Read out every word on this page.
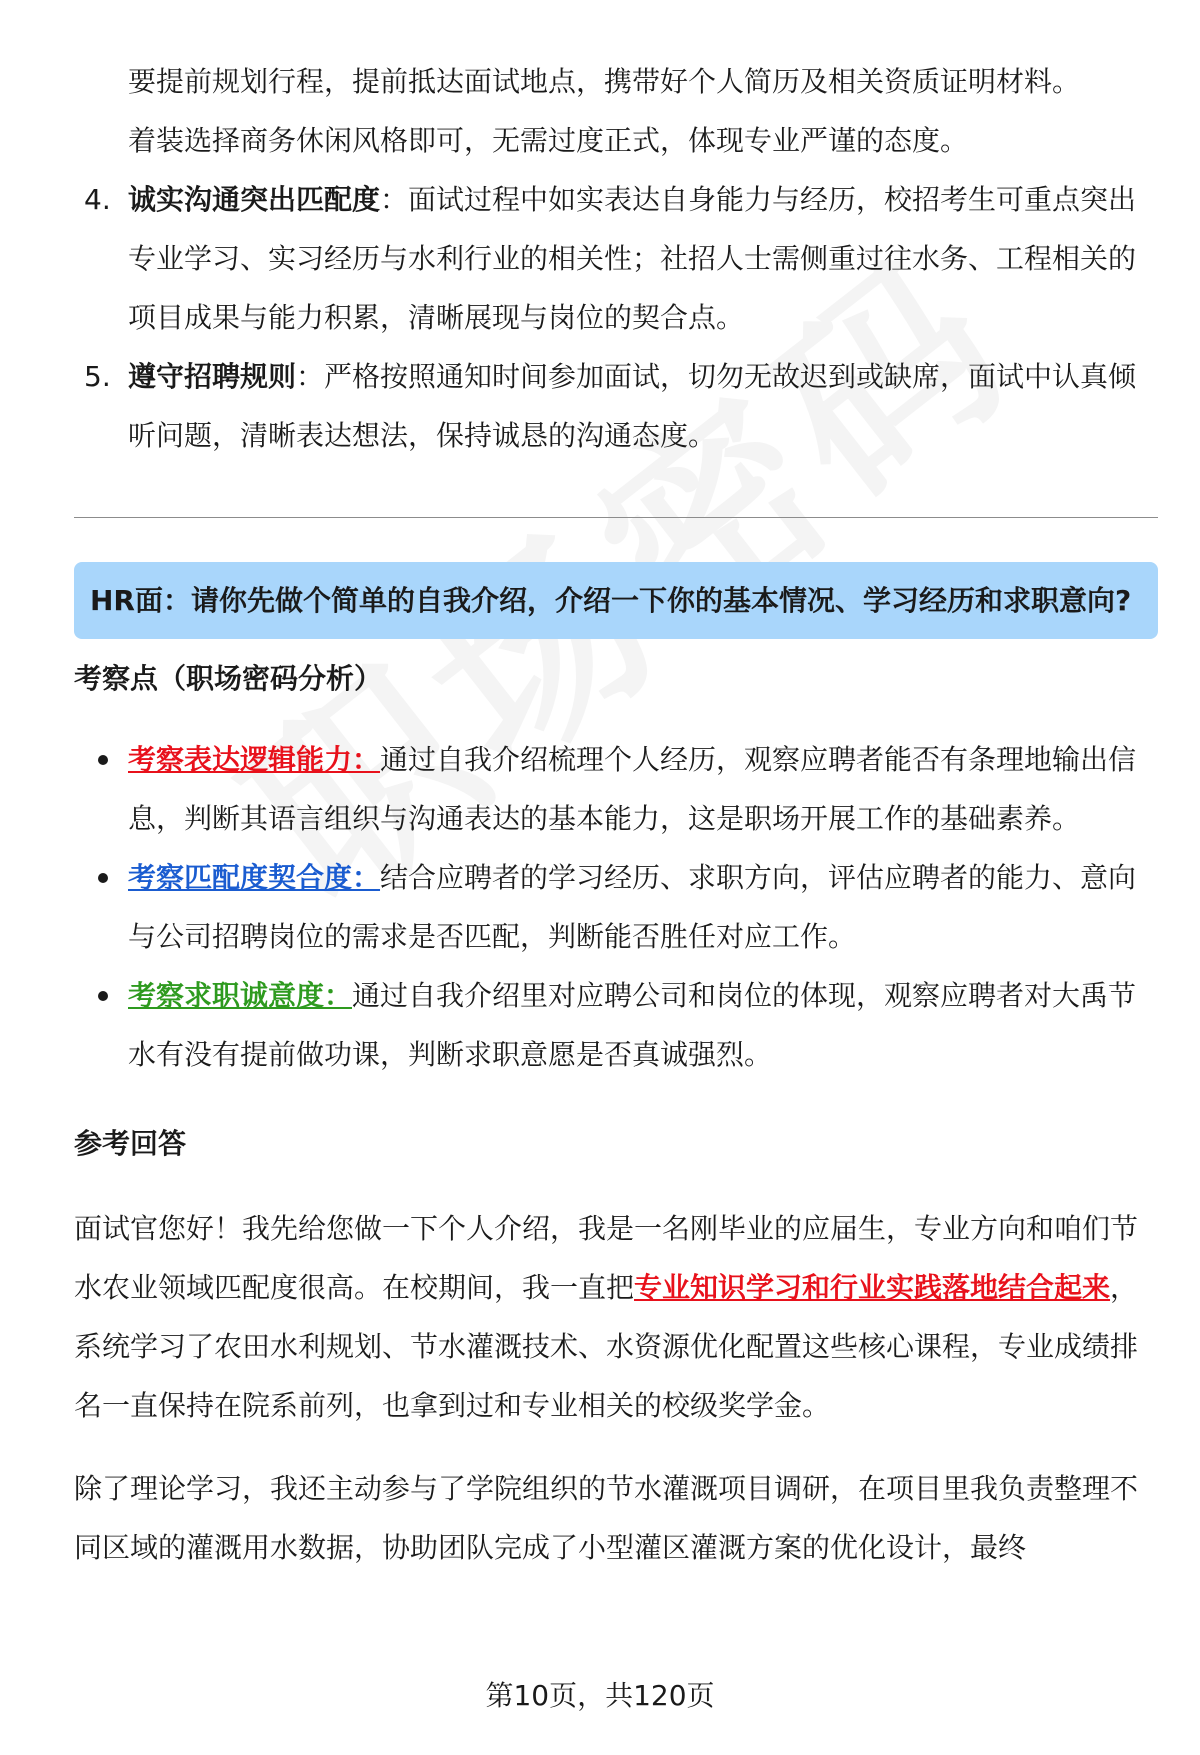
要提前规划行程，提前抵达面试地点，携带好个人简历及相关资质证明材料。
着装选择商务休闲风格即可，无需过度正式，体现专业严谨的态度。
4. 诚实沟通突出匹配度：面试过程中如实表达自身能力与经历，校招考生可重点突出专业学习、实习经历与水利行业的相关性；社招人士需侧重过往水务、工程相关的项目成果与能力积累，清晰展现与岗位的契合点。
5. 遵守招聘规则：严格按照通知时间参加面试，切勿无故迟到或缺席，面试中认真倾听问题，清晰表达想法，保持诚恳的沟通态度。
HR面：请你先做个简单的自我介绍，介绍一下你的基本情况、学习经历和求职意向?
考察点（职场密码分析）
考察表达逻辑能力：通过自我介绍梳理个人经历，观察应聘者能否有条理地输出信息，判断其语言组织与沟通表达的基本能力，这是职场开展工作的基础素养。
考察匹配度契合度：结合应聘者的学习经历、求职方向，评估应聘者的能力、意向与公司招聘岗位的需求是否匹配，判断能否胜任对应工作。
考察求职诚意度：通过自我介绍里对应聘公司和岗位的体现，观察应聘者对大禹节水有没有提前做功课，判断求职意愿是否真诚强烈。
参考回答

面试官您好！我先给您做一下个人介绍，我是一名刚毕业的应届生，专业方向和咱们节水农业领域匹配度很高。在校期间，我一直把专业知识学习和行业实践落地结合起来，系统学习了农田水利规划、节水灌溉技术、水资源优化配置这些核心课程，专业成绩排名一直保持在院系前列，也拿到过和专业相关的校级奖学金。

除了理论学习，我还主动参与了学院组织的节水灌溉项目调研，在项目里我负责整理不同区域的灌溉用水数据，协助团队完成了小型灌区灌溉方案的优化设计，最终

第10页，共120页
